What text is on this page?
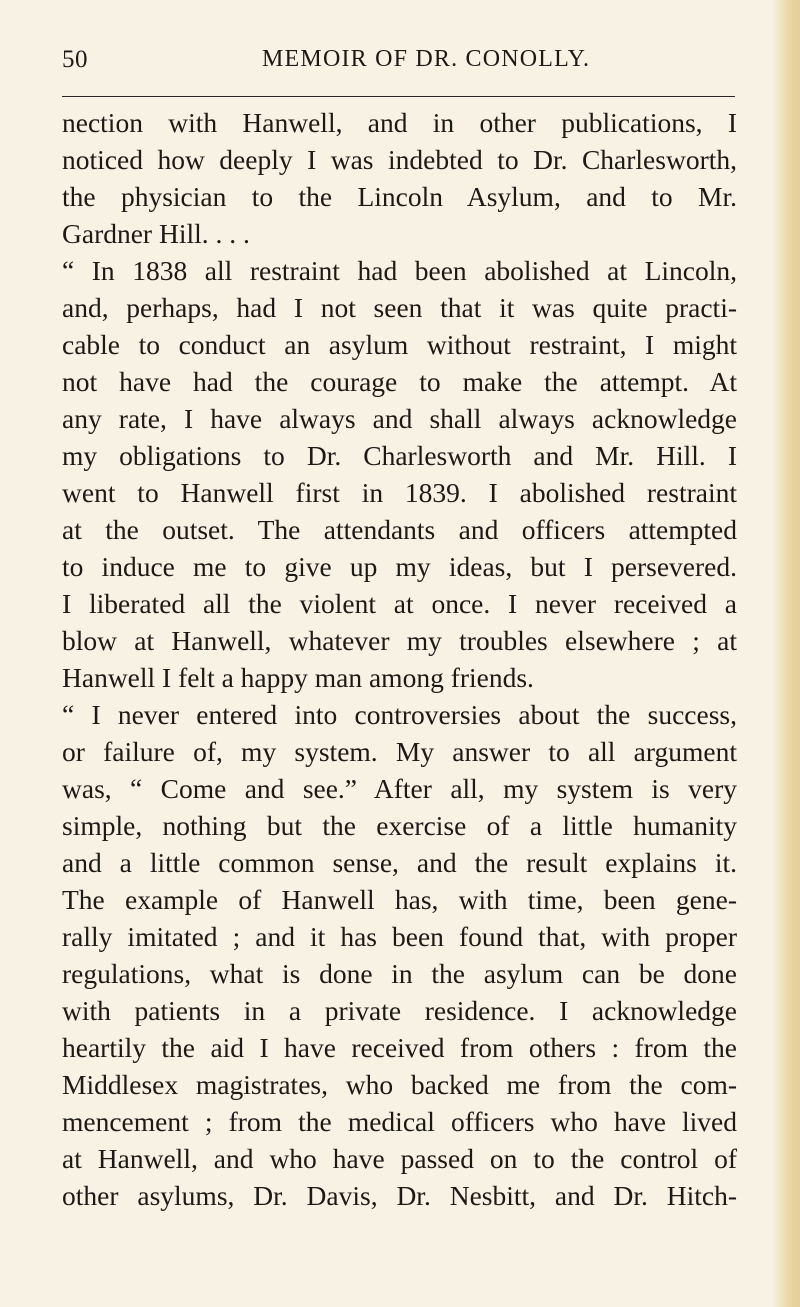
50	MEMOIR OF DR. CONOLLY.
nection with Hanwell, and in other publications, I
noticed how deeply I was indebted to Dr. Charlesworth,
the physician to the Lincoln Asylum, and to Mr.
Gardner Hill. . . .
“ In 1838 all restraint had been abolished at Lincoln,
and, perhaps, had I not seen that it was quite practi-
cable to conduct an asylum without restraint, I might
not have had the courage to make the attempt. At
any rate, I have always and shall always acknowledge
my obligations to Dr. Charlesworth and Mr. Hill. I
went to Hanwell first in 1839. I abolished restraint
at the outset. The attendants and officers attempted
to induce me to give up my ideas, but I persevered.
I liberated all the violent at once. I never received a
blow at Hanwell, whatever my troubles elsewhere ; at
Hanwell I felt a happy man among friends.
“ I never entered into controversies about the success,
or failure of, my system. My answer to all argument
was, “ Come and see.” After all, my system is very
simple, nothing but the exercise of a little humanity
and a little common sense, and the result explains it.
The example of Hanwell has, with time, been gene-
rally imitated ; and it has been found that, with proper
regulations, what is done in the asylum can be done
with patients in a private residence. I acknowledge
heartily the aid I have received from others : from the
Middlesex magistrates, who backed me from the com-
mencement ; from the medical officers who have lived
at Hanwell, and who have passed on to the control of
other asylums, Dr. Davis, Dr. Nesbitt, and Dr. Hitch-
